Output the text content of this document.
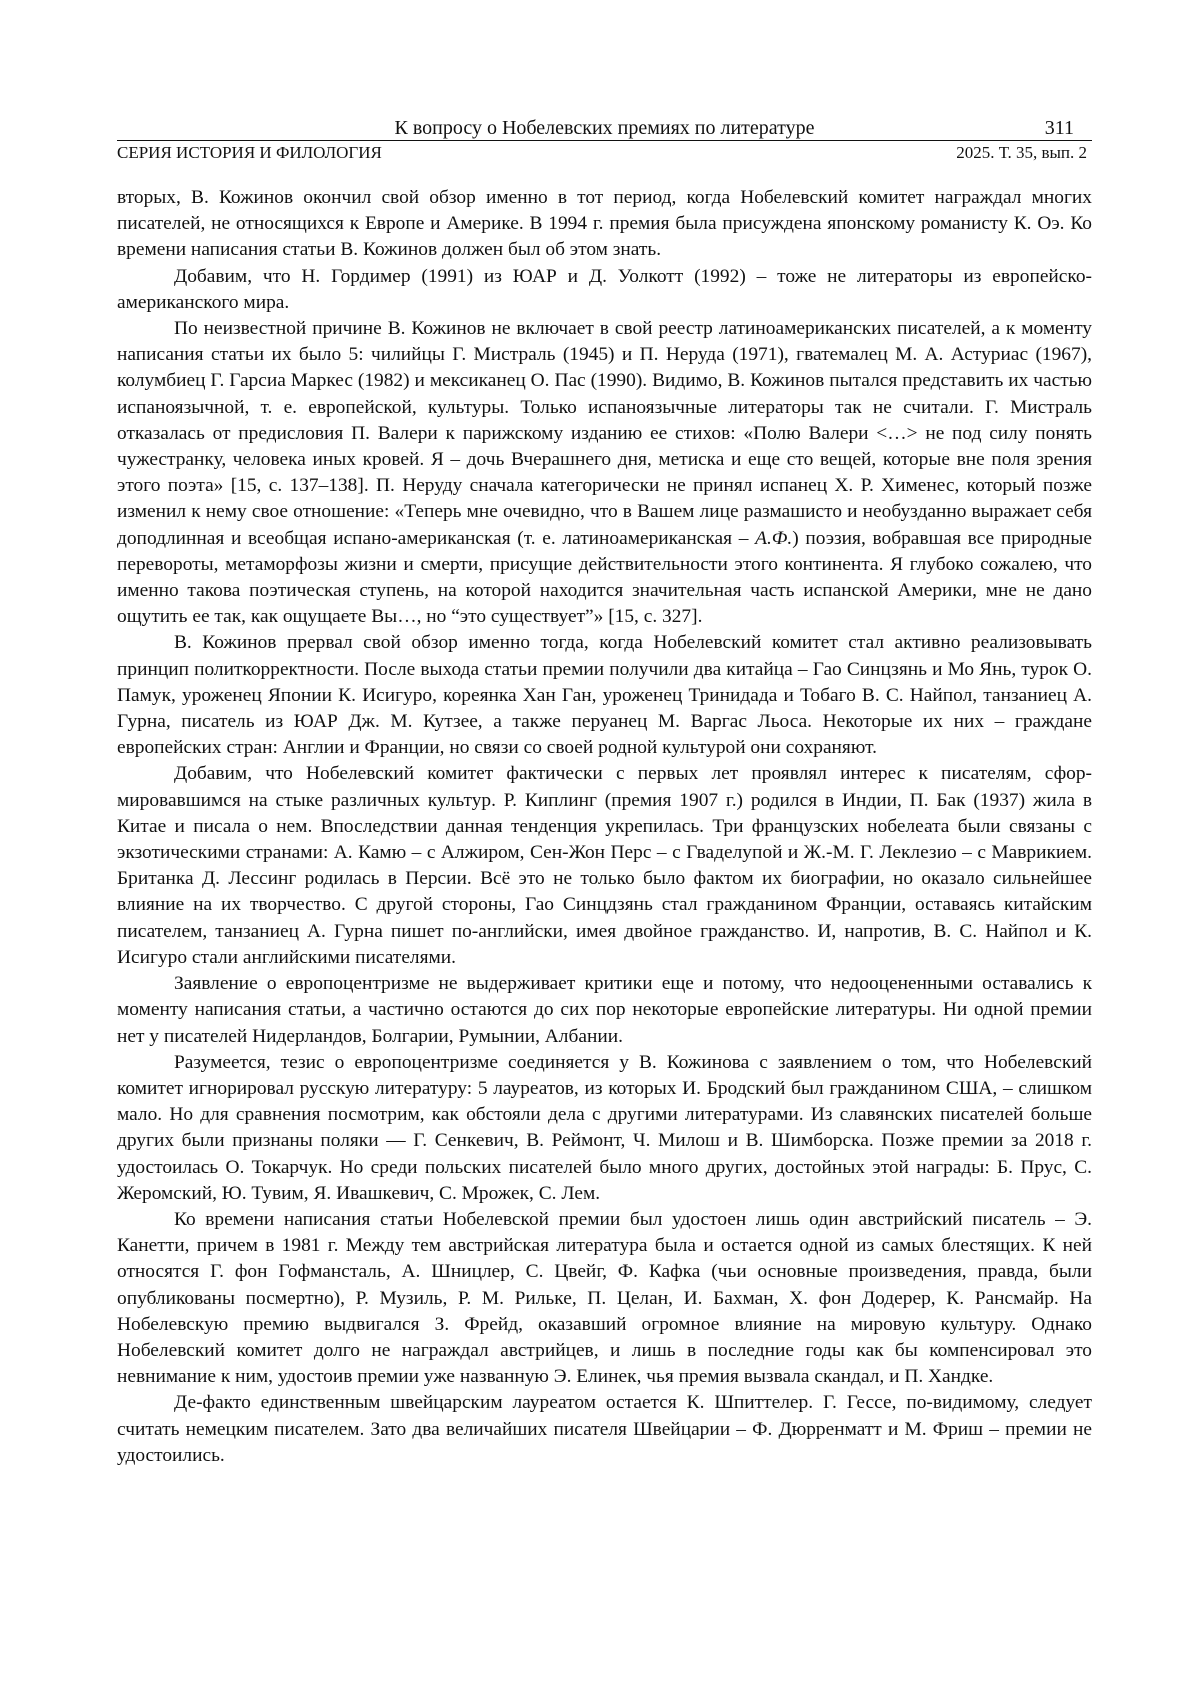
К вопросу о Нобелевских премиях по литературе	311
СЕРИЯ ИСТОРИЯ И ФИЛОЛОГИЯ	2025. Т. 35, вып. 2

вторых, В. Кожинов окончил свой обзор именно в тот период, когда Нобелевский комитет награждал многих писателей, не относящихся к Европе и Америке. В 1994 г. премия была присуждена японскому романисту К. Оэ. Ко времени написания статьи В. Кожинов должен был об этом знать.

Добавим, что Н. Гордимер (1991) из ЮАР и Д. Уолкотт (1992) – тоже не литераторы из европейско-американского мира.

По неизвестной причине В. Кожинов не включает в свой реестр латиноамериканских писателей, а к моменту написания статьи их было 5: чилийцы Г. Мистраль (1945) и П. Неруда (1971), гватемалец М. А. Астуриас (1967), колумбиец Г. Гарсиа Маркес (1982) и мексиканец О. Пас (1990). Видимо, В. Кожинов пытался представить их частью испаноязычной, т. е. европейской, культуры. Только испаноязычные литераторы так не считали. Г. Мистраль отказалась от предисловия П. Валери к парижскому изданию ее стихов: «Полю Валери <…> не под силу понять чужестранку, человека иных кровей. Я – дочь Вчерашнего дня, метиска и еще сто вещей, которые вне поля зрения этого поэта» [15, с. 137–138]. П. Неруду сначала категорически не принял испанец Х. Р. Хименес, который позже изменил к нему свое отношение: «Теперь мне очевидно, что в Вашем лице размашисто и необузданно выражает себя доподлинная и всеобщая испано-американская (т. е. латиноамериканская – А.Ф.) поэзия, вобравшая все природные перевороты, метаморфозы жизни и смерти, присущие действительности этого континента. Я глубоко сожалею, что именно такова поэтическая ступень, на которой находится значительная часть испанской Америки, мне не дано ощутить ее так, как ощущаете Вы…, но “это существует”» [15, с. 327].

В. Кожинов прервал свой обзор именно тогда, когда Нобелевский комитет стал активно реализовывать принцип политкорректности. После выхода статьи премии получили два китайца – Гао Синцзянь и Мо Янь, турок О. Памук, уроженец Японии К. Исигуро, кореянка Хан Ган, уроженец Тринидада и Тобаго В. С. Найпол, танзаниец А. Гурна, писатель из ЮАР Дж. М. Кутзее, а также перуанец М. Варгас Льоса. Некоторые их них – граждане европейских стран: Англии и Франции, но связи со своей родной культурой они сохраняют.

Добавим, что Нобелевский комитет фактически с первых лет проявлял интерес к писателям, сформировавшимся на стыке различных культур. Р. Киплинг (премия 1907 г.) родился в Индии, П. Бак (1937) жила в Китае и писала о нем. Впоследствии данная тенденция укрепилась. Три французских нобелеата были связаны с экзотическими странами: А. Камю – с Алжиром, Сен-Жон Перс – с Гваделупой и Ж.-М. Г. Леклезио – с Маврикием. Британка Д. Лессинг родилась в Персии. Всё это не только было фактом их биографии, но оказало сильнейшее влияние на их творчество. С другой стороны, Гао Синцдзянь стал гражданином Франции, оставаясь китайским писателем, танзаниец А. Гурна пишет по-английски, имея двойное гражданство. И, напротив, В. С. Найпол и К. Исигуро стали английскими писателями.

Заявление о европоцентризме не выдерживает критики еще и потому, что недооцененными оставались к моменту написания статьи, а частично остаются до сих пор некоторые европейские литературы. Ни одной премии нет у писателей Нидерландов, Болгарии, Румынии, Албании.

Разумеется, тезис о европоцентризме соединяется у В. Кожинова с заявлением о том, что Нобелевский комитет игнорировал русскую литературу: 5 лауреатов, из которых И. Бродский был гражданином США, – слишком мало. Но для сравнения посмотрим, как обстояли дела с другими литературами. Из славянских писателей больше других были признаны поляки — Г. Сенкевич, В. Реймонт, Ч. Милош и В. Шимборска. Позже премии за 2018 г. удостоилась О. Токарчук. Но среди польских писателей было много других, достойных этой награды: Б. Прус, С. Жеромский, Ю. Тувим, Я. Ивашкевич, С. Мрожек, С. Лем.

Ко времени написания статьи Нобелевской премии был удостоен лишь один австрийский писатель – Э. Канетти, причем в 1981 г. Между тем австрийская литература была и остается одной из самых блестящих. К ней относятся Г. фон Гофмансталь, А. Шницлер, С. Цвейг, Ф. Кафка (чьи основные произведения, правда, были опубликованы посмертно), Р. Музиль, Р. М. Рильке, П. Целан, И. Бахман, Х. фон Додерер, К. Рансмайр. На Нобелевскую премию выдвигался З. Фрейд, оказавший огромное влияние на мировую культуру. Однако Нобелевский комитет долго не награждал австрийцев, и лишь в последние годы как бы компенсировал это невнимание к ним, удостоив премии уже названную Э. Елинек, чья премия вызвала скандал, и П. Хандке.

Де-факто единственным швейцарским лауреатом остается К. Шпиттелер. Г. Гессе, по-видимому, следует считать немецким писателем. Зато два величайших писателя Швейцарии – Ф. Дюрренматт и М. Фриш – премии не удостоились.
